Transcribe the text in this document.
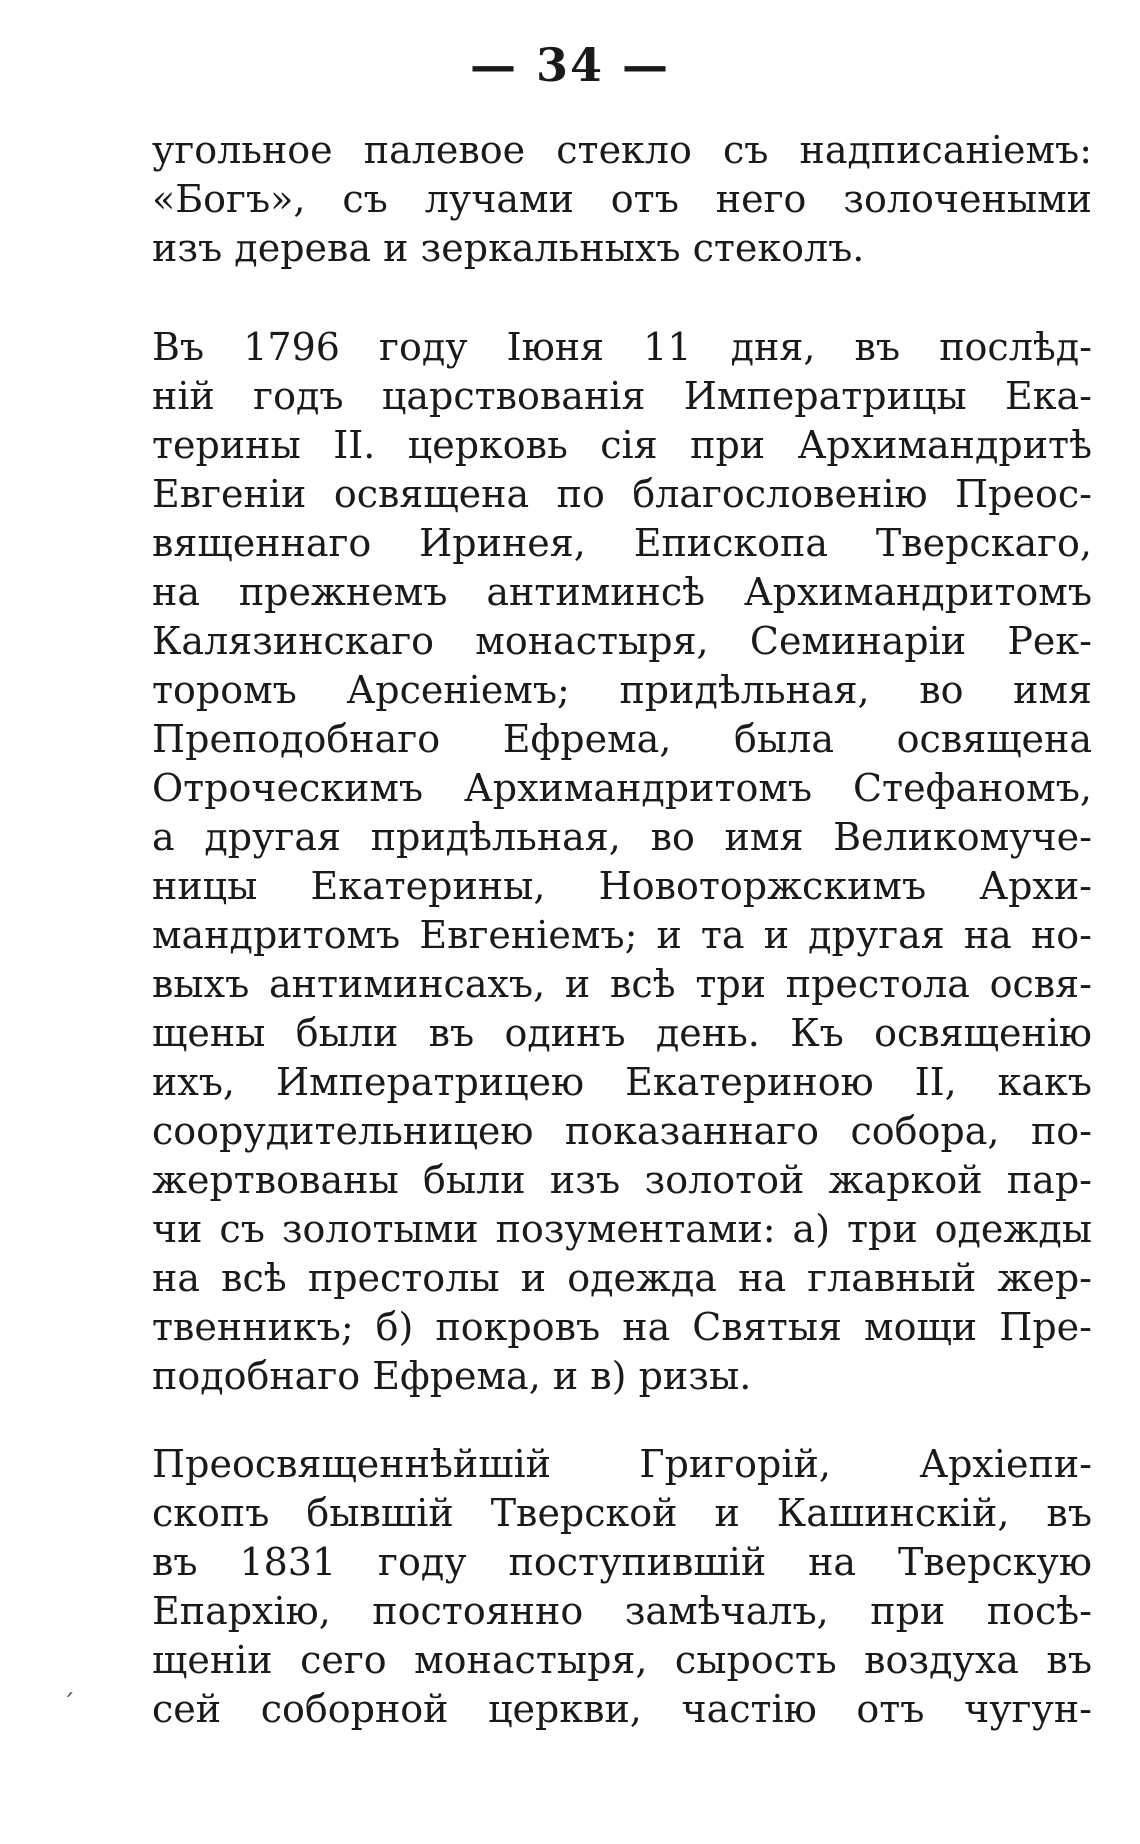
— 34 —
угольное палевое стекло съ надписаніемъ:
«Богъ», съ лучами отъ него золочеными
изъ дерева и зеркальныхъ стеколъ.
Въ 1796 году Іюня 11 дня, въ послѣд-
ній годъ царствованія Императрицы Ека-
терины II. церковь сія при Архимандритѣ
Евгеніи освящена по благословенію Преос-
вященнаго Иринея, Епископа Тверскаго,
на прежнемъ антиминсѣ Архимандритомъ
Калязинскаго монастыря, Семинаріи Рек-
торомъ Арсеніемъ; придѣльная, во имя
Преподобнаго Ефрема, была освящена
Отроческимъ Архимандритомъ Стефаномъ,
а другая придѣльная, во имя Великомуче-
ницы Екатерины, Новоторжскимъ Архи-
мандритомъ Евгеніемъ; и та и другая на но-
выхъ антиминсахъ, и всѣ три престола освя-
щены были въ одинъ день. Къ освященію
ихъ, Императрицею Екатериною II, какъ
соорудительницею показаннаго собора, по-
жертвованы были изъ золотой жаркой пар-
чи съ золотыми позументами: а) три одежды
на всѣ престолы и одежда на главный жер-
твенникъ; б) покровъ на Святыя мощи Пре-
подобнаго Ефрема, и в) ризы.
Преосвященнѣйшій Григорій, Архіепи-
скопъ бывшій Тверской и Кашинскій, въ
въ 1831 году поступившій на Тверскую
Епархію, постоянно замѣчалъ, при посѣ-
щеніи сего монастыря, сырость воздуха въ
сей соборной церкви, частію отъ чугун-
ˊ
